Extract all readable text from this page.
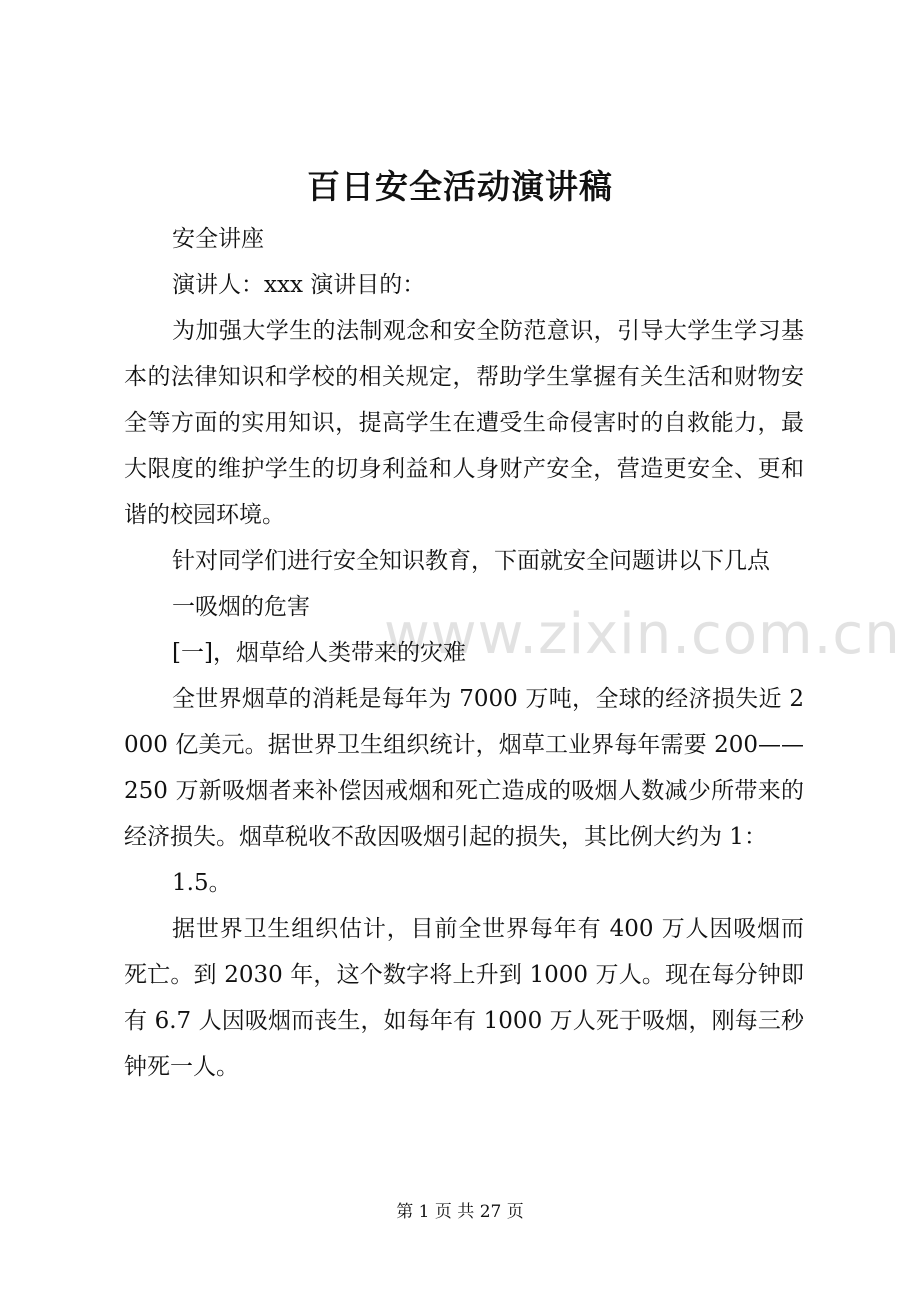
www.zixin.com.cn
百日安全活动演讲稿

安全讲座

演讲人：xxx 演讲目的：

为加强大学生的法制观念和安全防范意识，引导大学生学习基本的法律知识和学校的相关规定，帮助学生掌握有关生活和财物安全等方面的实用知识，提高学生在遭受生命侵害时的自救能力，最大限度的维护学生的切身利益和人身财产安全，营造更安全、更和谐的校园环境。

针对同学们进行安全知识教育，下面就安全问题讲以下几点

一吸烟的危害

[一]，烟草给人类带来的灾难

全世界烟草的消耗是每年为 7000 万吨，全球的经济损失近 2000 亿美元。据世界卫生组织统计，烟草工业界每年需要 200——250 万新吸烟者来补偿因戒烟和死亡造成的吸烟人数减少所带来的经济损失。烟草税收不敌因吸烟引起的损失，其比例大约为 1：

1.5。

据世界卫生组织估计，目前全世界每年有 400 万人因吸烟而死亡。到 2030 年，这个数字将上升到 1000 万人。现在每分钟即有 6.7 人因吸烟而丧生，如每年有 1000 万人死于吸烟，刚每三秒钟死一人。

第 1 页 共 27 页
